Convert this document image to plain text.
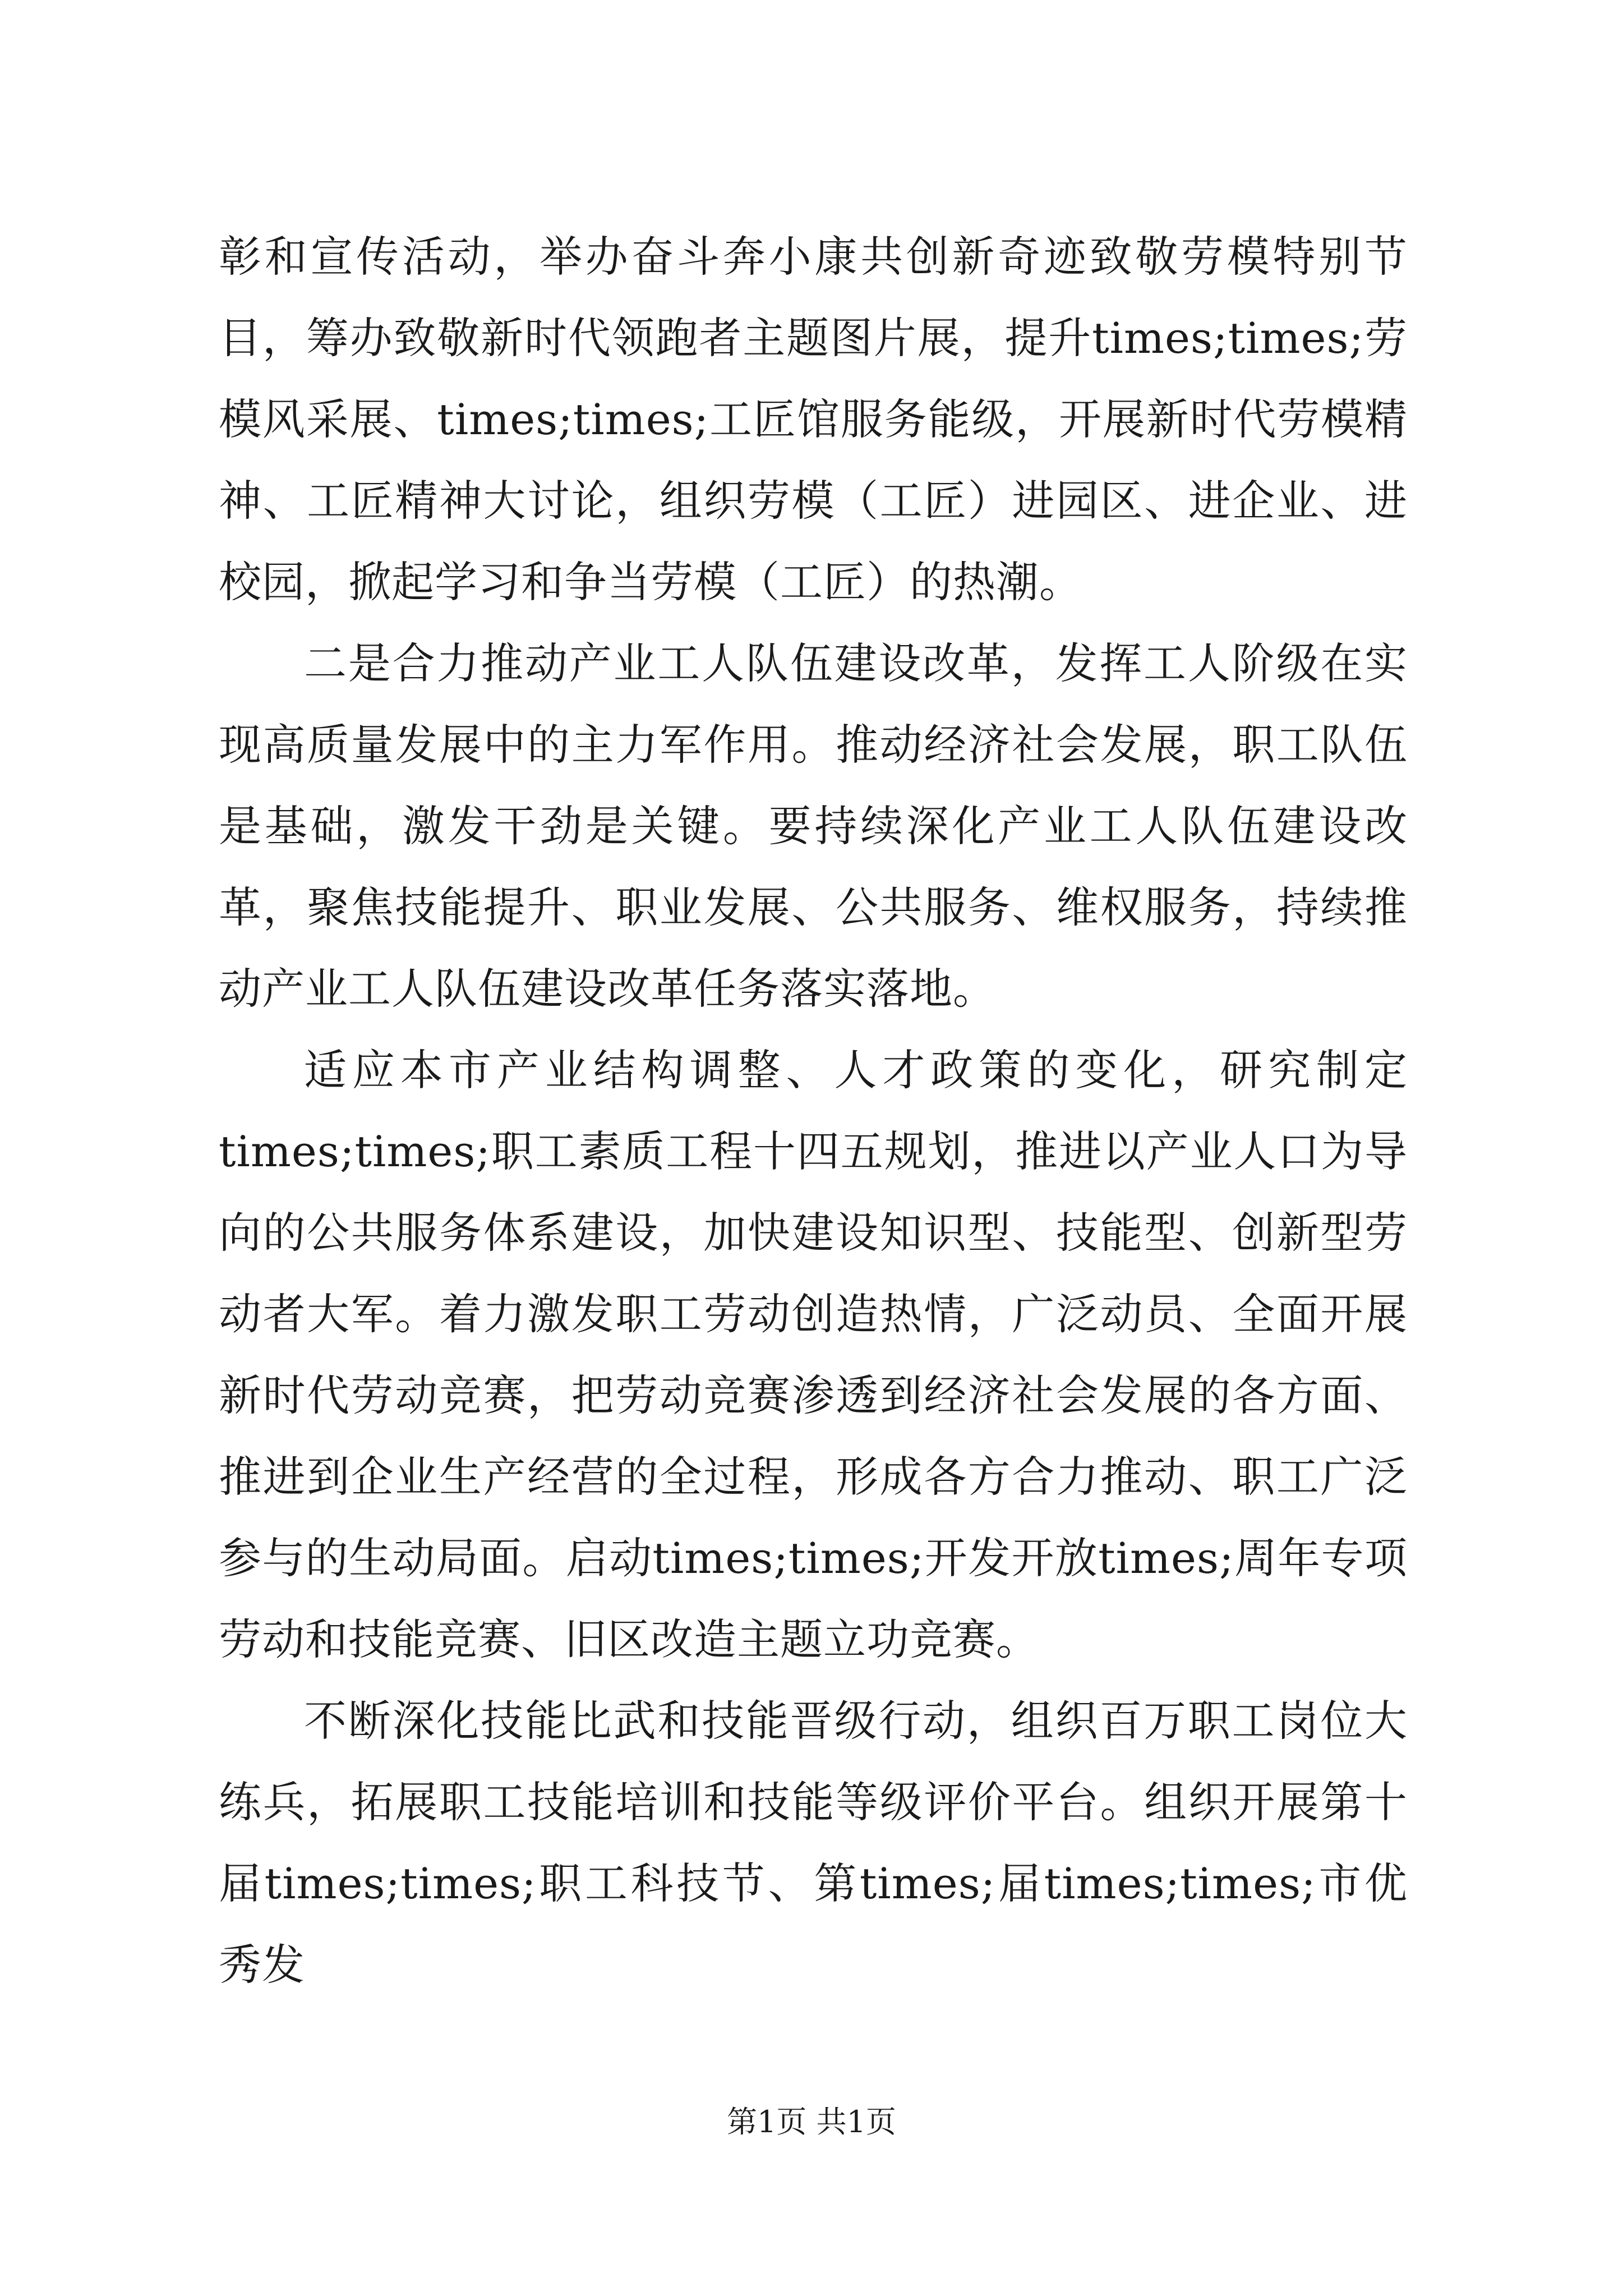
彰和宣传活动，举办奋斗奔小康共创新奇迹致敬劳模特别节目，筹办致敬新时代领跑者主题图片展，提升times;times;劳模风采展、times;times;工匠馆服务能级，开展新时代劳模精神、工匠精神大讨论，组织劳模（工匠）进园区、进企业、进校园，掀起学习和争当劳模（工匠）的热潮。

二是合力推动产业工人队伍建设改革，发挥工人阶级在实现高质量发展中的主力军作用。推动经济社会发展，职工队伍是基础，激发干劲是关键。要持续深化产业工人队伍建设改革，聚焦技能提升、职业发展、公共服务、维权服务，持续推动产业工人队伍建设改革任务落实落地。

适应本市产业结构调整、人才政策的变化，研究制定times;times;职工素质工程十四五规划，推进以产业人口为导向的公共服务体系建设，加快建设知识型、技能型、创新型劳动者大军。着力激发职工劳动创造热情，广泛动员、全面开展新时代劳动竞赛，把劳动竞赛渗透到经济社会发展的各方面、推进到企业生产经营的全过程，形成各方合力推动、职工广泛参与的生动局面。启动times;times;开发开放times;周年专项劳动和技能竞赛、旧区改造主题立功竞赛。

不断深化技能比武和技能晋级行动，组织百万职工岗位大练兵，拓展职工技能培训和技能等级评价平台。组织开展第十届times;times;职工科技节、第times;届times;times;市优秀发

第1页 共1页
